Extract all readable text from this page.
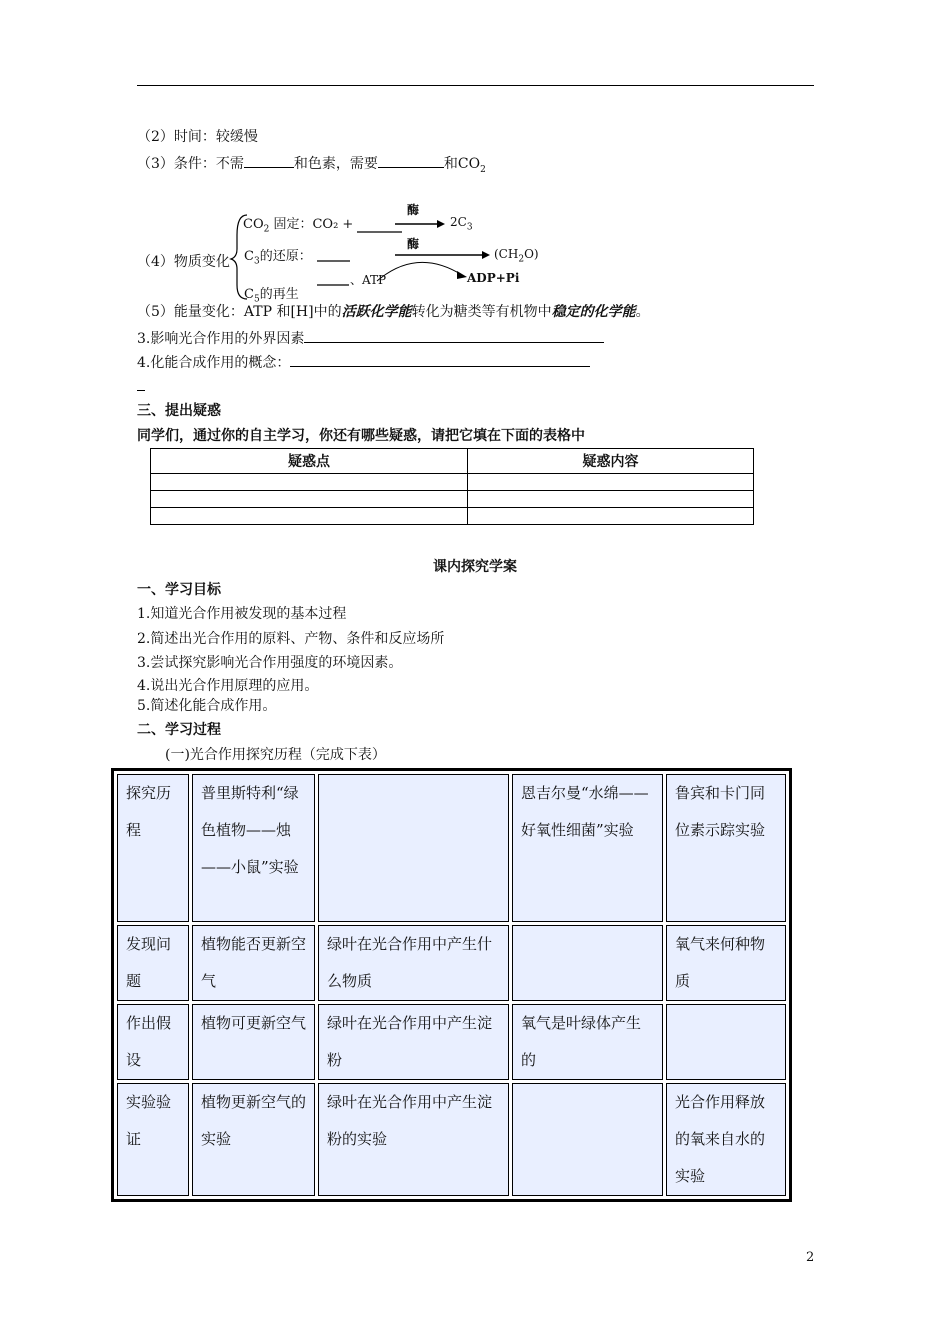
（2）时间：较缓慢
（3）条件：不需	和色素，需要	和$CO_2$
（4）物质变化
$CO_2$ 固定：CO₂ +
酶
$2C_3$
$C_3$的还原：
酶
$(CH_2O)$
、ATP	ADP+Pi
$C_5$的再生
（5）能量变化：ATP 和[H]中的活跃化学能转化为糖类等有机物中稳定的化学能。
3.影响光合作用的外界因素
4.化能合成作用的概念：
三、提出疑惑
同学们，通过你的自主学习，你还有哪些疑惑，请把它填在下面的表格中
疑惑点	疑惑内容

课内探究学案
一、学习目标
1.知道光合作用被发现的基本过程
2.简述出光合作用的原料、产物、条件和反应场所
3.尝试探究影响光合作用强度的环境因素。
4.说出光合作用原理的应用。
5.简述化能合成作用。
二、学习过程
(一)光合作用探究历程（完成下表）
探究历程	普里斯特利“绿色植物——烛——小鼠”实验		恩吉尔曼“水绵——好氧性细菌”实验	鲁宾和卡门同位素示踪实验
发现问题	植物能否更新空气	绿叶在光合作用中产生什么物质		氧气来何种物质
作出假设	植物可更新空气	绿叶在光合作用中产生淀粉	氧气是叶绿体产生的	
实验验证	植物更新空气的实验	绿叶在光合作用中产生淀粉的实验		光合作用释放的氧来自水的实验
2
